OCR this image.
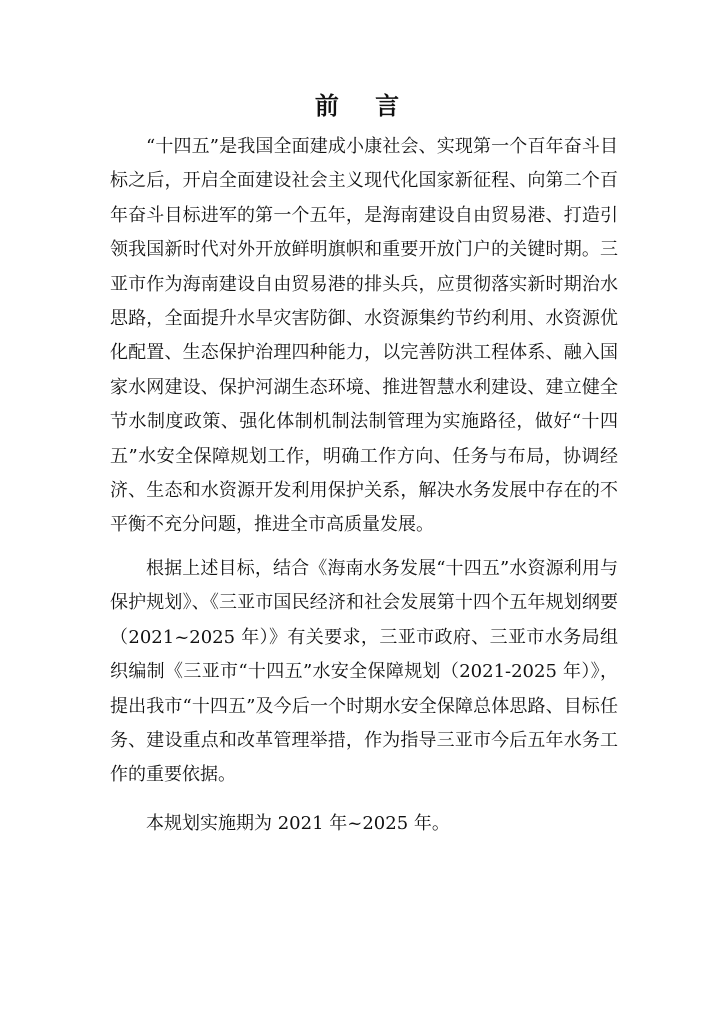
前 言

“十四五”是我国全面建成小康社会、实现第一个百年奋斗目标之后，开启全面建设社会主义现代化国家新征程、向第二个百年奋斗目标进军的第一个五年，是海南建设自由贸易港、打造引领我国新时代对外开放鲜明旗帜和重要开放门户的关键时期。三亚市作为海南建设自由贸易港的排头兵，应贯彻落实新时期治水思路，全面提升水旱灾害防御、水资源集约节约利用、水资源优化配置、生态保护治理四种能力，以完善防洪工程体系、融入国家水网建设、保护河湖生态环境、推进智慧水利建设、建立健全节水制度政策、强化体制机制法制管理为实施路径，做好“十四五”水安全保障规划工作，明确工作方向、任务与布局，协调经济、生态和水资源开发利用保护关系，解决水务发展中存在的不平衡不充分问题，推进全市高质量发展。

根据上述目标，结合《海南水务发展“十四五”水资源利用与保护规划》、《三亚市国民经济和社会发展第十四个五年规划纲要（2021~2025 年）》有关要求，三亚市政府、三亚市水务局组织编制《三亚市“十四五”水安全保障规划（2021-2025 年）》，提出我市“十四五”及今后一个时期水安全保障总体思路、目标任务、建设重点和改革管理举措，作为指导三亚市今后五年水务工作的重要依据。

本规划实施期为 2021 年~2025 年。
